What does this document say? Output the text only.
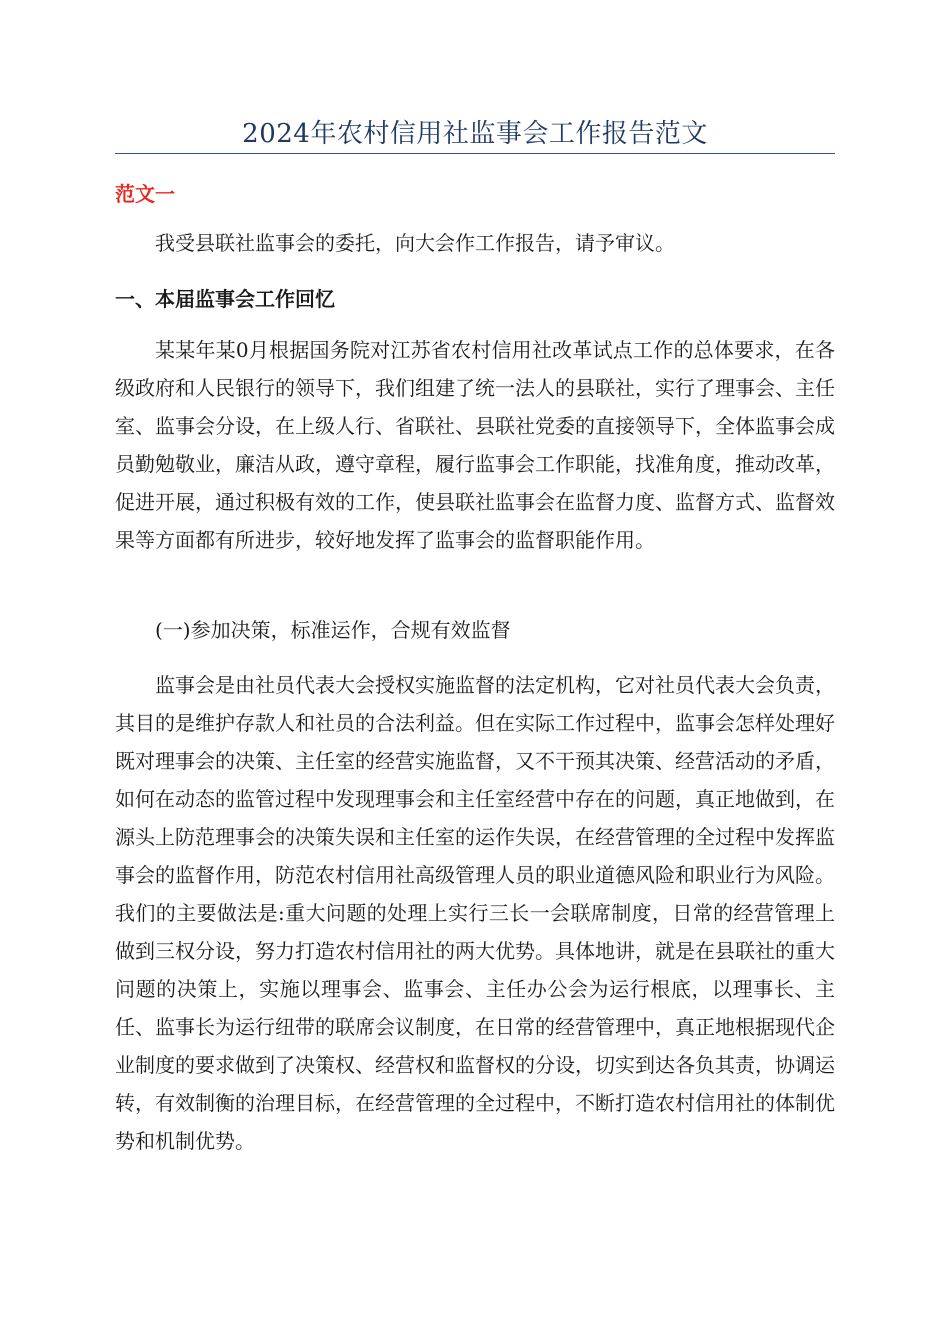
2024年农村信用社监事会工作报告范文
范文一

我受县联社监事会的委托，向大会作工作报告，请予审议。

一、本届监事会工作回忆

某某年某0月根据国务院对江苏省农村信用社改革试点工作的总体要求，在各级政府和人民银行的领导下，我们组建了统一法人的县联社，实行了理事会、主任室、监事会分设，在上级人行、省联社、县联社党委的直接领导下，全体监事会成员勤勉敬业，廉洁从政，遵守章程，履行监事会工作职能，找准角度，推动改革，促进开展，通过积极有效的工作，使县联社监事会在监督力度、监督方式、监督效果等方面都有所进步，较好地发挥了监事会的监督职能作用。

(一)参加决策，标准运作，合规有效监督

监事会是由社员代表大会授权实施监督的法定机构，它对社员代表大会负责，其目的是维护存款人和社员的合法利益。但在实际工作过程中，监事会怎样处理好既对理事会的决策、主任室的经营实施监督，又不干预其决策、经营活动的矛盾，如何在动态的监管过程中发现理事会和主任室经营中存在的问题，真正地做到，在源头上防范理事会的决策失误和主任室的运作失误，在经营管理的全过程中发挥监事会的监督作用，防范农村信用社高级管理人员的职业道德风险和职业行为风险。我们的主要做法是:重大问题的处理上实行三长一会联席制度，日常的经营管理上做到三权分设，努力打造农村信用社的两大优势。具体地讲，就是在县联社的重大问题的决策上，实施以理事会、监事会、主任办公会为运行根底，以理事长、主任、监事长为运行纽带的联席会议制度，在日常的经营管理中，真正地根据现代企业制度的要求做到了决策权、经营权和监督权的分设，切实到达各负其责，协调运转，有效制衡的治理目标，在经营管理的全过程中，不断打造农村信用社的体制优势和机制优势。
